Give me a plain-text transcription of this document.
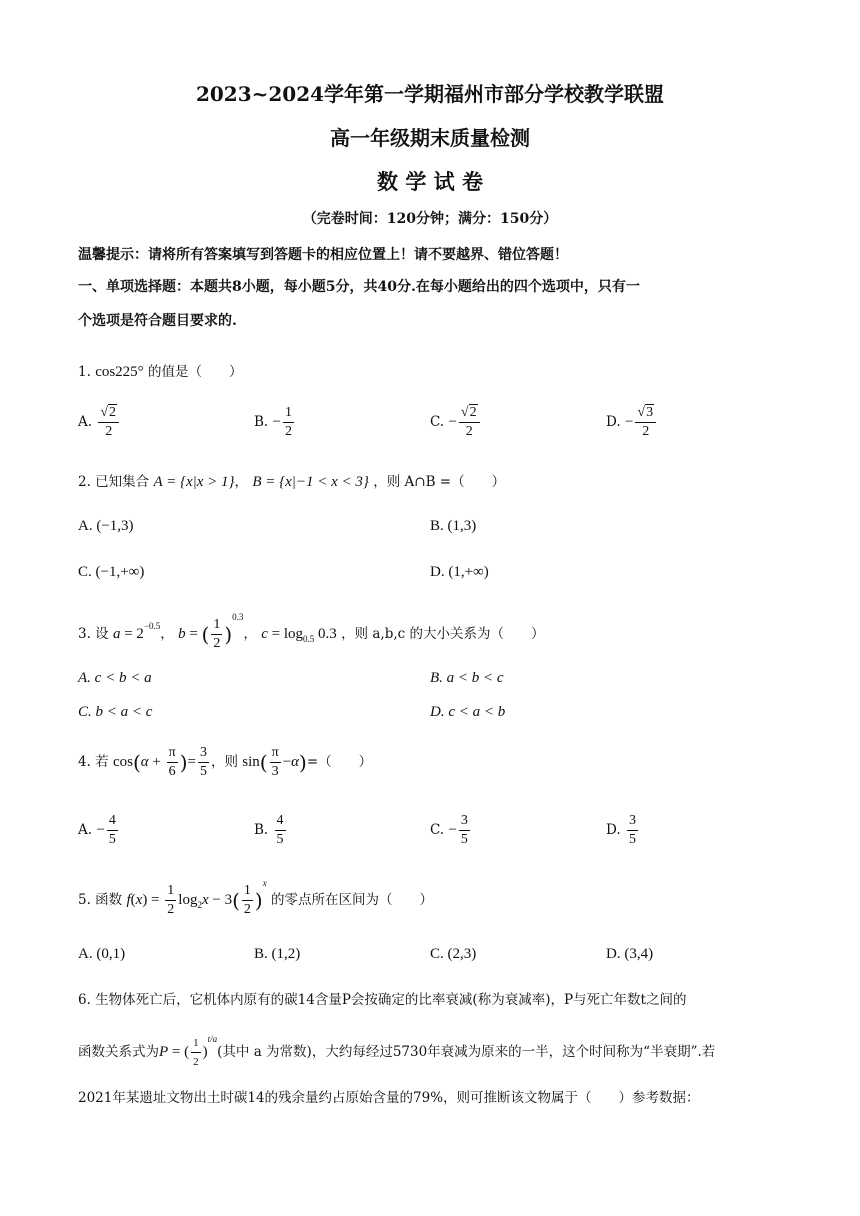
2023~2024学年第一学期福州市部分学校教学联盟
高一年级期末质量检测
数 学 试 卷
（完卷时间：120分钟；满分：150分）
温馨提示：请将所有答案填写到答题卡的相应位置上！请不要越界、错位答题！
一、单项选择题：本题共8小题，每小题5分，共40分.在每小题给出的四个选项中，只有一
个选项是符合题目要求的.
1. cos225° 的值是（　　）
A. $\frac{√2}{2}$	B. − $\frac{1}{2}$	C. − $\frac{√2}{2}$	D. − $\frac{√3}{2}$
2. 已知集合 A = {x|x > 1}， B = {x|−1 < x < 3} ，则 A∩B =（　　）
A. (−1,3)	B. (1,3)
C. (−1,+∞)	D. (1,+∞)
3. 设 $a = 2^{-0.5}$， b = ( $\frac{1}{2} )^{0.3}$， $c = \log_{0.5} 0.3$ ，则 a,b,c 的大小关系为（　　）
A. c < b < a	B. a < b < c
C. b < a < c	D. c < a < b
4. 若 $\cos(\alpha + \frac{\pi}{6}$ )= $\frac{3}{5}$ ，则 $\sin( \frac{\pi}{3} -\alpha)=$（　　）
A. − $\frac{4}{5}$	B. $\frac{4}{5}$	C. − $\frac{3}{5}$	D. $\frac{3}{5}$
5. 函数 $f(x) = \frac{1}{2} \log_2x - 3( \frac{1}{2} )^x$ 的零点所在区间为（　　）
A. (0,1)	B. (1,2)	C. (2,3)	D. (3,4)
6. 生物体死亡后，它机体内原有的碳14含量P会按确定的比率衰减(称为衰减率)，P与死亡年数t之间的
函数关系式为P = ( $\frac{1}{2} )^{t/a}$(其中 a 为常数)，大约每经过5730年衰减为原来的一半，这个时间称为“半衰期”.若
2021年某遗址文物出土时碳14的残余量约占原始含量的79%，则可推断该文物属于（　　）参考数据：
